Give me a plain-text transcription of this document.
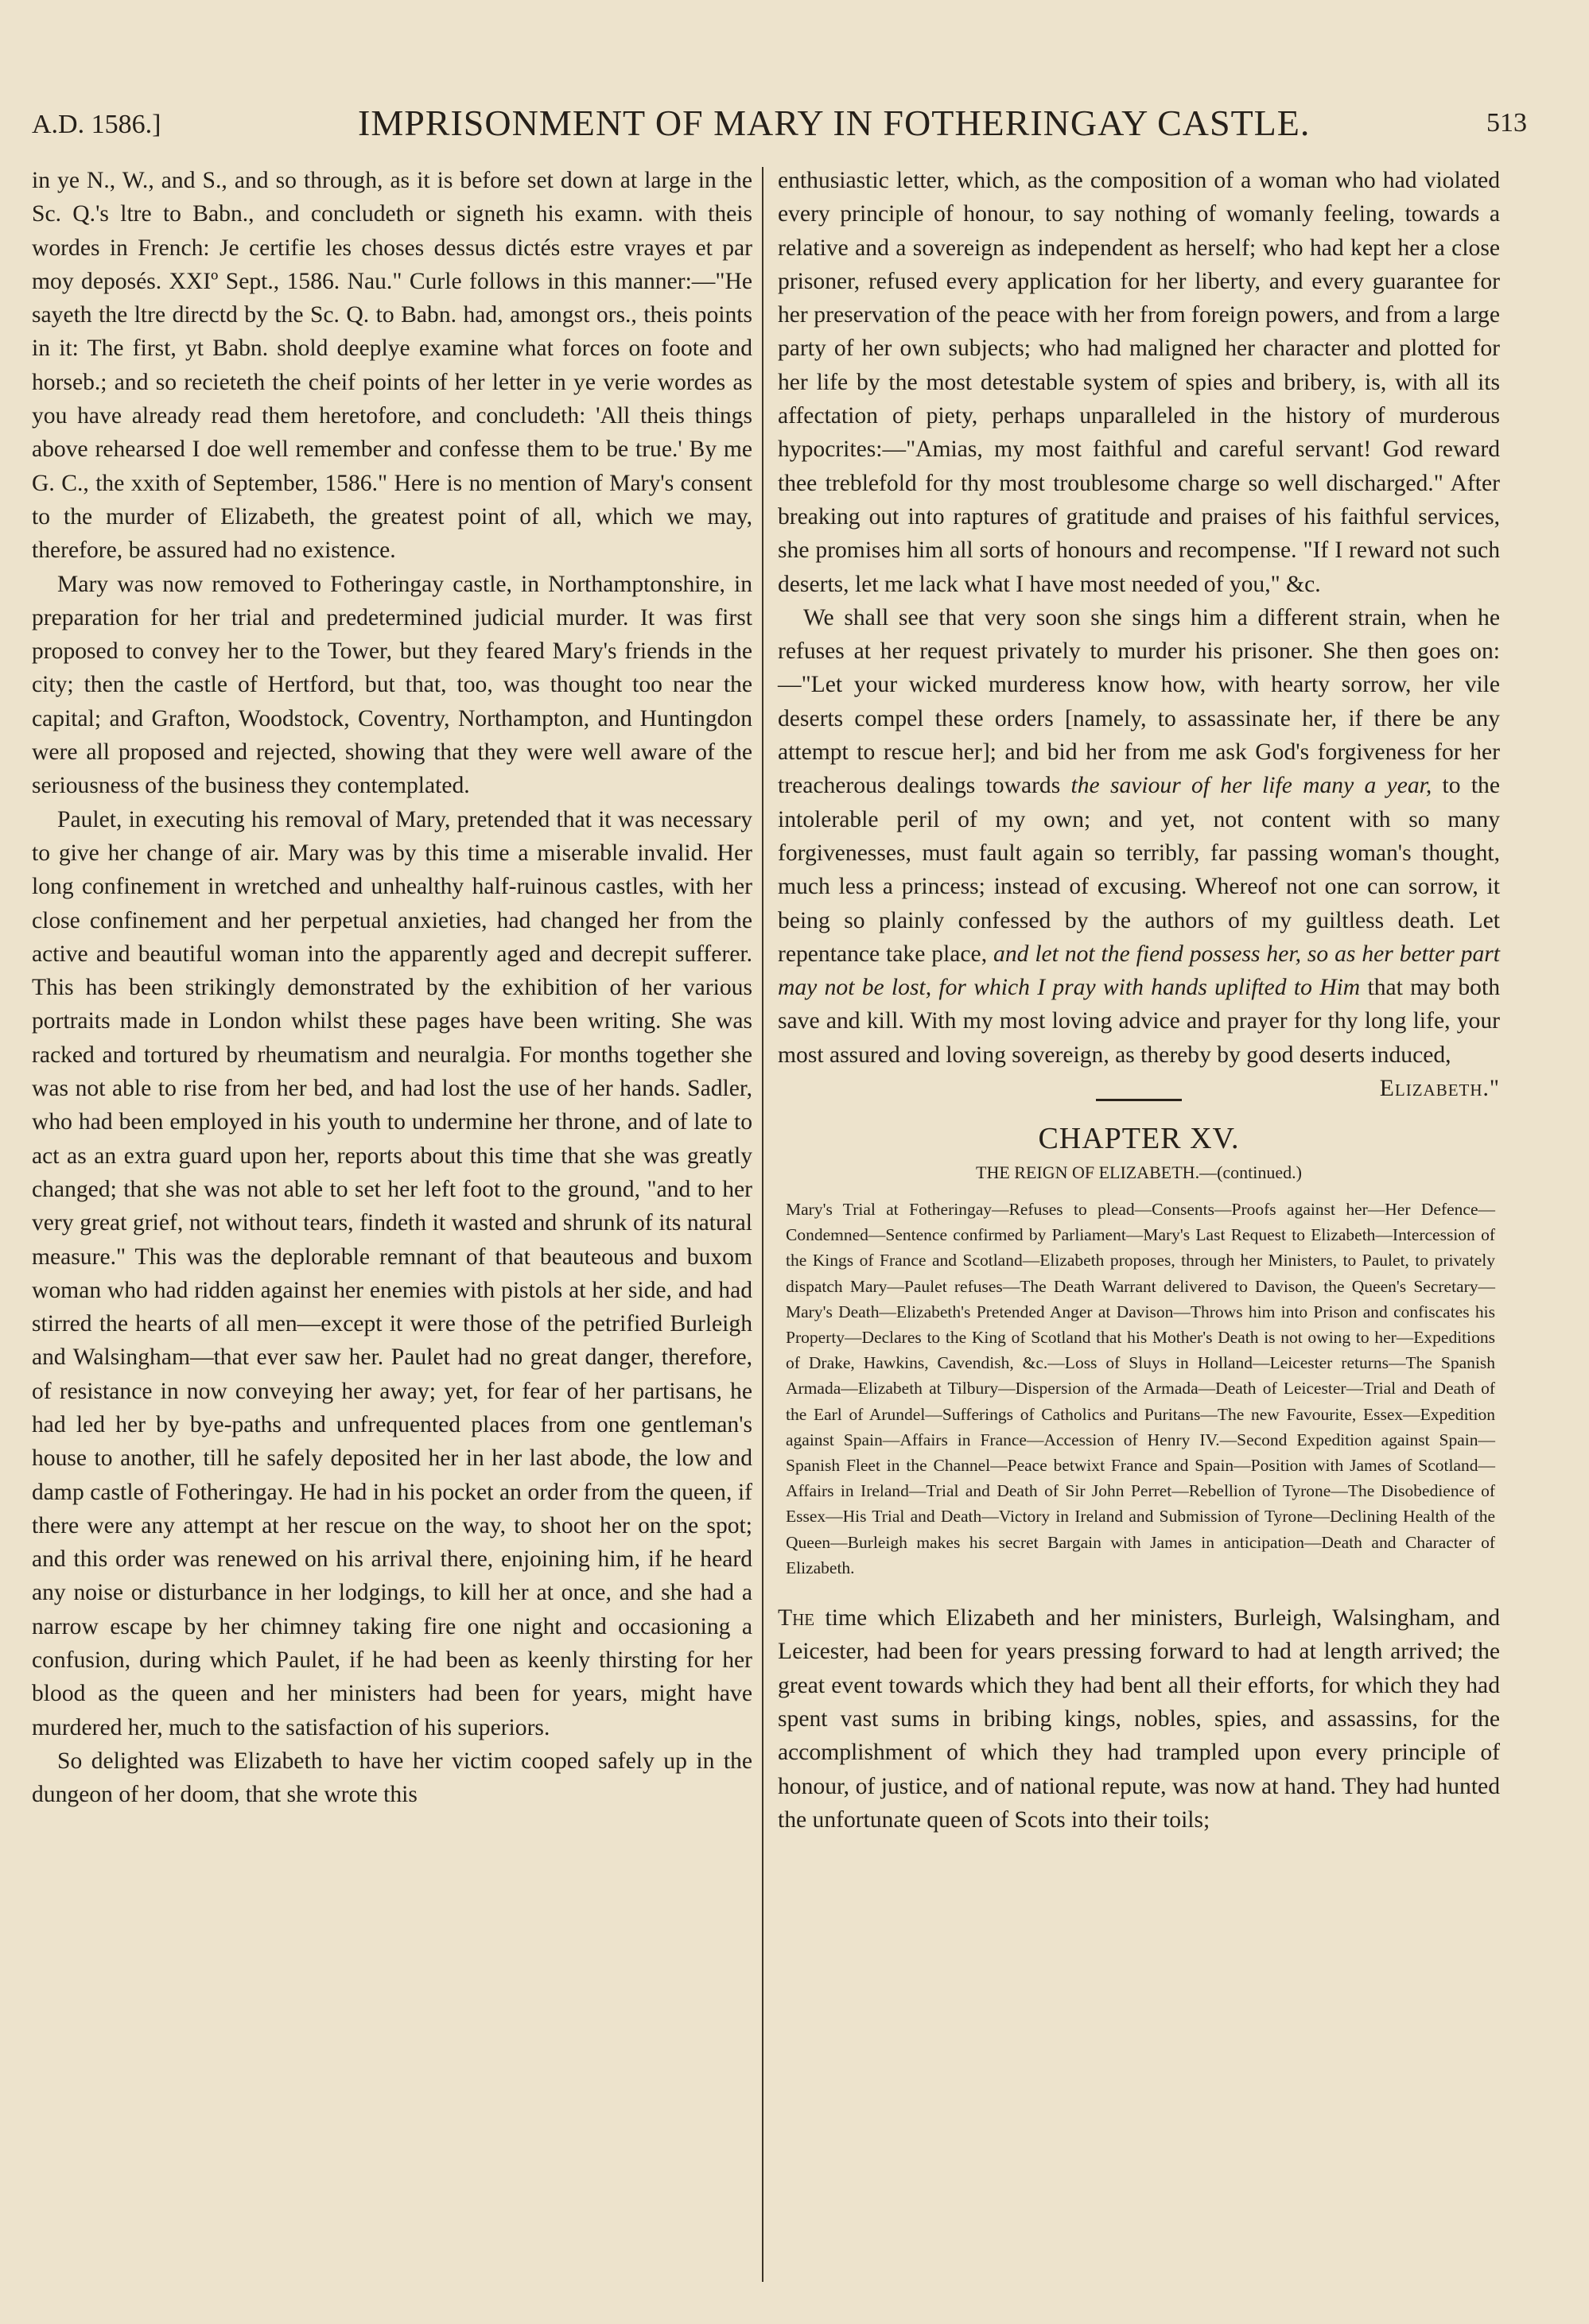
A.D. 1586.]	IMPRISONMENT OF MARY IN FOTHERINGAY CASTLE.	513

in ye N., W., and S., and so through, as it is before set down at large in the Sc. Q.'s ltre to Babn., and concludeth or signeth his examn. with theis wordes in French: Je certifie les choses dessus dictés estre vrayes et par moy deposés. XXIº Sept., 1586. Nau." Curle follows in this manner:—"He sayeth the ltre directd by the Sc. Q. to Babn. had, amongst ors., theis points in it: The first, yt Babn. shold deeplye examine what forces on foote and horseb.; and so recieteth the cheif points of her letter in ye verie wordes as you have already read them heretofore, and concludeth: 'All theis things above rehearsed I doe well remember and confesse them to be true.' By me G. C., the xxith of September, 1586." Here is no mention of Mary's consent to the murder of Elizabeth, the greatest point of all, which we may, therefore, be assured had no existence.

Mary was now removed to Fotheringay castle, in Northamptonshire, in preparation for her trial and predetermined judicial murder. It was first proposed to convey her to the Tower, but they feared Mary's friends in the city; then the castle of Hertford, but that, too, was thought too near the capital; and Grafton, Woodstock, Coventry, Northampton, and Huntingdon were all proposed and rejected, showing that they were well aware of the seriousness of the business they contemplated.

Paulet, in executing his removal of Mary, pretended that it was necessary to give her change of air. Mary was by this time a miserable invalid. Her long confinement in wretched and unhealthy half-ruinous castles, with her close confinement and her perpetual anxieties, had changed her from the active and beautiful woman into the apparently aged and decrepit sufferer. This has been strikingly demonstrated by the exhibition of her various portraits made in London whilst these pages have been writing. She was racked and tortured by rheumatism and neuralgia. For months together she was not able to rise from her bed, and had lost the use of her hands. Sadler, who had been employed in his youth to undermine her throne, and of late to act as an extra guard upon her, reports about this time that she was greatly changed; that she was not able to set her left foot to the ground, "and to her very great grief, not without tears, findeth it wasted and shrunk of its natural measure." This was the deplorable remnant of that beauteous and buxom woman who had ridden against her enemies with pistols at her side, and had stirred the hearts of all men—except it were those of the petrified Burleigh and Walsingham—that ever saw her. Paulet had no great danger, therefore, of resistance in now conveying her away; yet, for fear of her partisans, he had led her by bye-paths and unfrequented places from one gentleman's house to another, till he safely deposited her in her last abode, the low and damp castle of Fotheringay. He had in his pocket an order from the queen, if there were any attempt at her rescue on the way, to shoot her on the spot; and this order was renewed on his arrival there, enjoining him, if he heard any noise or disturbance in her lodgings, to kill her at once, and she had a narrow escape by her chimney taking fire one night and occasioning a confusion, during which Paulet, if he had been as keenly thirsting for her blood as the queen and her ministers had been for years, might have murdered her, much to the satisfaction of his superiors.

So delighted was Elizabeth to have her victim cooped safely up in the dungeon of her doom, that she wrote this

enthusiastic letter, which, as the composition of a woman who had violated every principle of honour, to say nothing of womanly feeling, towards a relative and a sovereign as independent as herself; who had kept her a close prisoner, refused every application for her liberty, and every guarantee for her preservation of the peace with her from foreign powers, and from a large party of her own subjects; who had maligned her character and plotted for her life by the most detestable system of spies and bribery, is, with all its affectation of piety, perhaps unparalleled in the history of murderous hypocrites:—"Amias, my most faithful and careful servant! God reward thee treblefold for thy most troublesome charge so well discharged." After breaking out into raptures of gratitude and praises of his faithful services, she promises him all sorts of honours and recompense. "If I reward not such deserts, let me lack what I have most needed of you," &c.

We shall see that very soon she sings him a different strain, when he refuses at her request privately to murder his prisoner. She then goes on:—"Let your wicked murderess know how, with hearty sorrow, her vile deserts compel these orders [namely, to assassinate her, if there be any attempt to rescue her]; and bid her from me ask God's forgiveness for her treacherous dealings towards the saviour of her life many a year, to the intolerable peril of my own; and yet, not content with so many forgivenesses, must fault again so terribly, far passing woman's thought, much less a princess; instead of excusing. Whereof not one can sorrow, it being so plainly confessed by the authors of my guiltless death. Let repentance take place, and let not the fiend possess her, so as her better part may not be lost, for which I pray with hands uplifted to Him that may both save and kill. With my most loving advice and prayer for thy long life, your most assured and loving sovereign, as thereby by good deserts induced,
Elizabeth."

CHAPTER XV.
THE REIGN OF ELIZABETH.—(continued.)

Mary's Trial at Fotheringay—Refuses to plead—Consents—Proofs against her—Her Defence—Condemned—Sentence confirmed by Parliament—Mary's Last Request to Elizabeth—Intercession of the Kings of France and Scotland—Elizabeth proposes, through her Ministers, to Paulet, to privately dispatch Mary—Paulet refuses—The Death Warrant delivered to Davison, the Queen's Secretary—Mary's Death—Elizabeth's Pretended Anger at Davison—Throws him into Prison and confiscates his Property—Declares to the King of Scotland that his Mother's Death is not owing to her—Expeditions of Drake, Hawkins, Cavendish, &c.—Loss of Sluys in Holland—Leicester returns—The Spanish Armada—Elizabeth at Tilbury—Dispersion of the Armada—Death of Leicester—Trial and Death of the Earl of Arundel—Sufferings of Catholics and Puritans—The new Favourite, Essex—Expedition against Spain—Affairs in France—Accession of Henry IV.—Second Expedition against Spain—Spanish Fleet in the Channel—Peace betwixt France and Spain—Position with James of Scotland—Affairs in Ireland—Trial and Death of Sir John Perret—Rebellion of Tyrone—The Disobedience of Essex—His Trial and Death—Victory in Ireland and Submission of Tyrone—Declining Health of the Queen—Burleigh makes his secret Bargain with James in anticipation—Death and Character of Elizabeth.

The time which Elizabeth and her ministers, Burleigh, Walsingham, and Leicester, had been for years pressing forward to had at length arrived; the great event towards which they had bent all their efforts, for which they had spent vast sums in bribing kings, nobles, spies, and assassins, for the accomplishment of which they had trampled upon every principle of honour, of justice, and of national repute, was now at hand. They had hunted the unfortunate queen of Scots into their toils;
